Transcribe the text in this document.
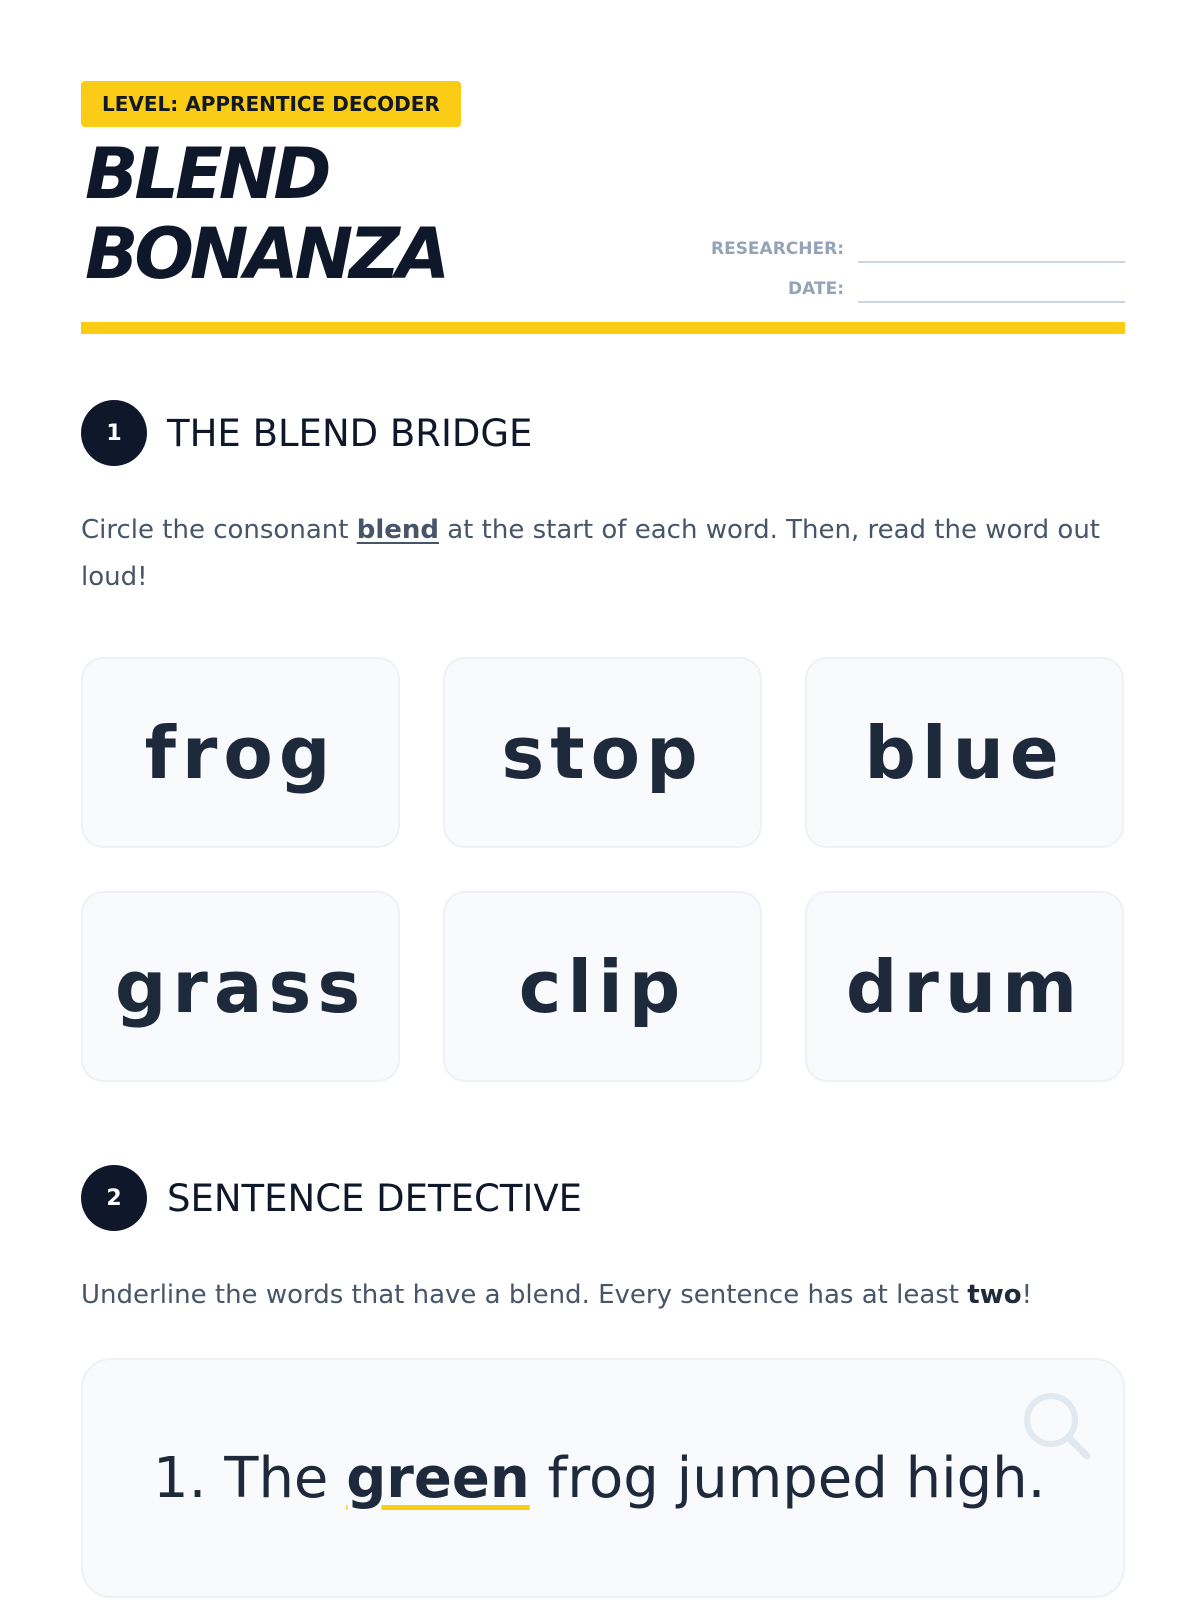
LEVEL: APPRENTICE DECODER
BLEND
BONANZA	RESEARCHER:
DATE:
1	THE BLEND BRIDGE

Circle the consonant blend at the start of each word. Then, read the word out loud!

frog stop blue
grass clip drum
2	SENTENCE DETECTIVE

Underline the words that have a blend. Every sentence has at least two!

1. The green frog jumped high.
